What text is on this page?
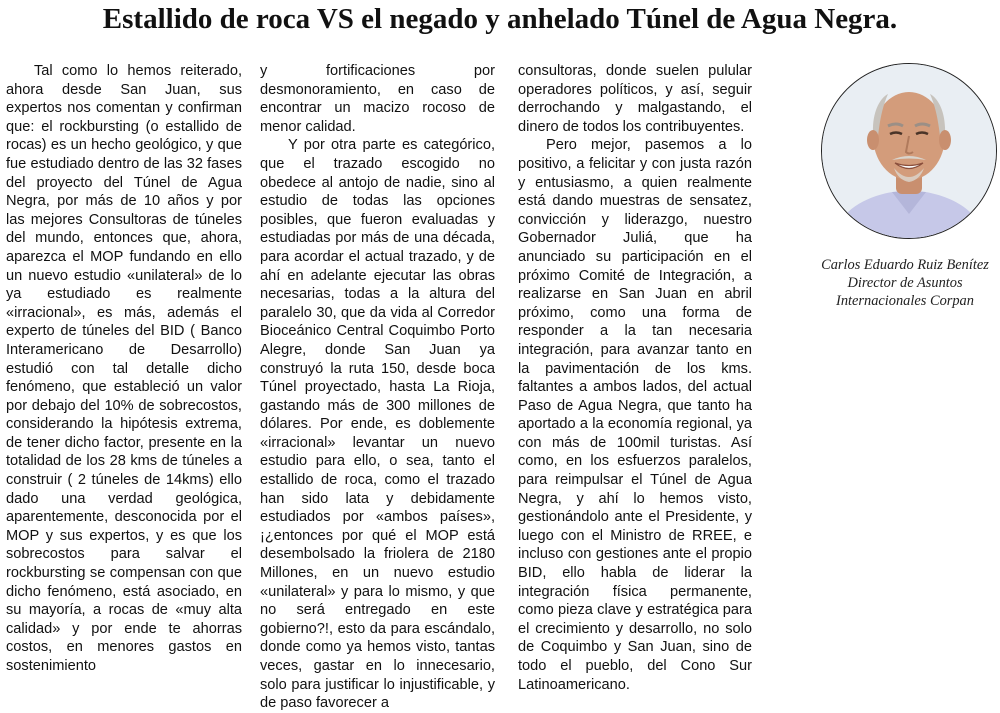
Estallido de roca VS el negado y anhelado Túnel de Agua Negra.

Tal como lo hemos reiterado, ahora desde San Juan, sus expertos nos comentan y confirman que: el rockbursting (o estallido de rocas) es un hecho geológico, y que fue estudiado dentro de las 32 fases del proyecto del Túnel de Agua Negra, por más de 10 años y por las mejores Consultoras de túneles del mundo, entonces que, ahora, aparezca el MOP fundando en ello un nuevo estudio «unilateral» de lo ya estudiado es realmente «irracional», es más, además el experto de túneles del BID ( Banco Interamericano de Desarrollo) estudió con tal detalle dicho fenómeno, que estableció un valor por debajo del 10% de sobrecostos, considerando la hipótesis extrema, de tener dicho factor, presente en la totalidad de los 28 kms de túneles a construir ( 2 túneles de 14kms) ello dado una verdad geológica, aparentemente, desconocida por el MOP y sus expertos, y es que los sobrecostos para salvar el rockbursting se compensan con que dicho fenómeno, está asociado, en su mayoría, a rocas de «muy alta calidad» y por ende te ahorras costos, en menores gastos en sostenimiento

y fortificaciones por desmonoramiento, en caso de encontrar un macizo rocoso de menor calidad.

Y por otra parte es categórico, que el trazado escogido no obedece al antojo de nadie, sino al estudio de todas las opciones posibles, que fueron evaluadas y estudiadas por más de una década, para acordar el actual trazado, y de ahí en adelante ejecutar las obras necesarias, todas a la altura del paralelo 30, que da vida al Corredor Bioceánico Central Coquimbo Porto Alegre, donde San Juan ya construyó la ruta 150, desde boca Túnel proyectado, hasta La Rioja, gastando más de 300 millones de dólares. Por ende, es doblemente «irracional» levantar un nuevo estudio para ello, o sea, tanto el estallido de roca, como el trazado han sido lata y debidamente estudiados por «ambos países», ¡¿entonces por qué el MOP está desembolsado la friolera de 2180 Millones, en un nuevo estudio «unilateral» y para lo mismo, y que no será entregado en este gobierno?!, esto da para escándalo, donde como ya hemos visto, tantas veces, gastar en lo innecesario, solo para justificar lo injustificable, y de paso favorecer a

consultoras, donde suelen pulular operadores políticos, y así, seguir derrochando y malgastando, el dinero de todos los contribuyentes.

Pero mejor, pasemos a lo positivo, a felicitar y con justa razón y entusiasmo, a quien realmente está dando muestras de sensatez, convicción y liderazgo, nuestro Gobernador Juliá, que ha anunciado su participación en el próximo Comité de Integración, a realizarse en San Juan en abril próximo, como una forma de responder a la tan necesaria integración, para avanzar tanto en la pavimentación de los kms. faltantes a ambos lados, del actual Paso de Agua Negra, que tanto ha aportado a la economía regional, ya con más de 100mil turistas. Así como, en los esfuerzos paralelos, para reimpulsar el Túnel de Agua Negra, y ahí lo hemos visto, gestionándolo ante el Presidente, y luego con el Ministro de RREE, e incluso con gestiones ante el propio BID, ello habla de liderar la integración física permanente, como pieza clave y estratégica para el crecimiento y desarrollo, no solo de Coquimbo y San Juan, sino de todo el pueblo, del Cono Sur Latinoamericano.

Carlos Eduardo Ruiz Benítez
Director de Asuntos
Internacionales Corpan
